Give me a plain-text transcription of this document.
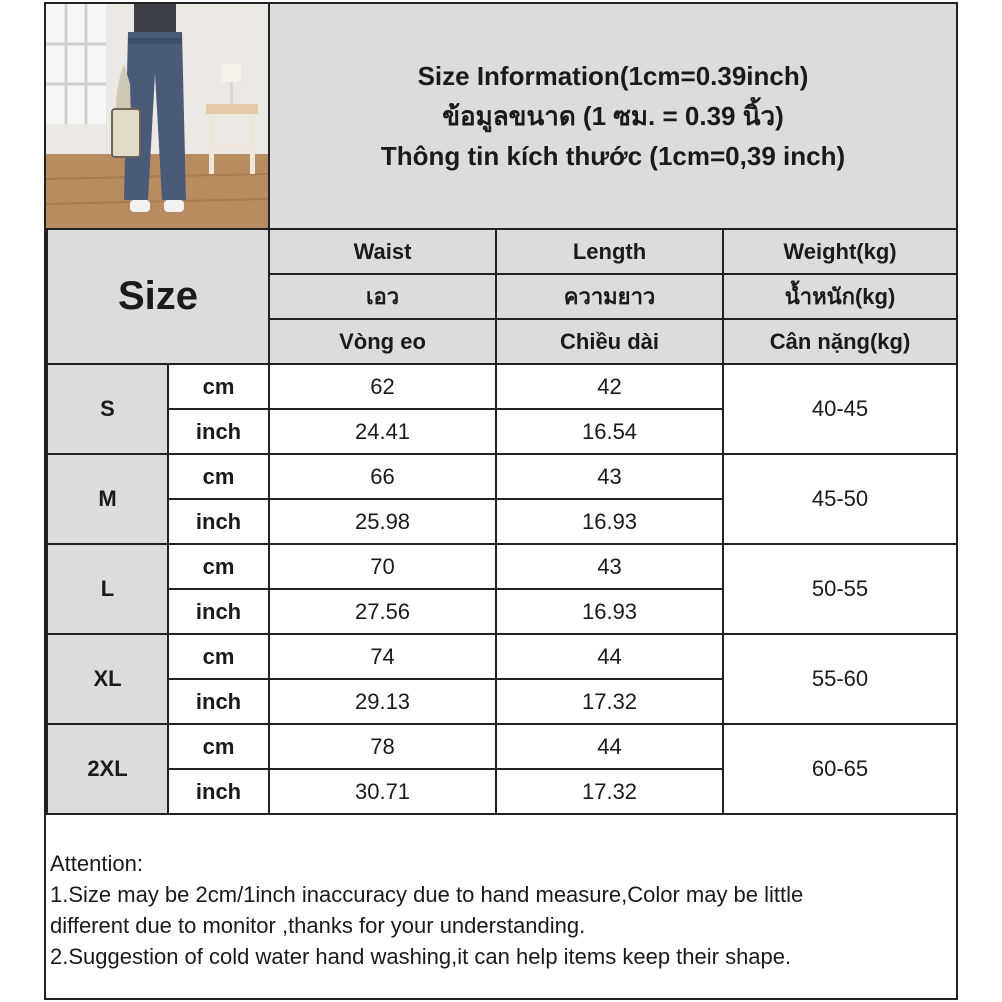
Size Information(1cm=0.39inch)
ข้อมูลขนาด (1 ซม. = 0.39 นิ้ว)
Thông tin kích thước (1cm=0,39 inch)
Size		Waist	Length	Weight(kg)
		เอว	ความยาว	น้ำหนัก(kg)
		Vòng eo	Chiều dài	Cân nặng(kg)
S	cm	62	42	40-45
	inch	24.41	16.54	
M	cm	66	43	45-50
	inch	25.98	16.93	
L	cm	70	43	50-55
	inch	27.56	16.93	
XL	cm	74	44	55-60
	inch	29.13	17.32	
2XL	cm	78	44	60-65
	inch	30.71	17.32	
Attention:
1.Size may be 2cm/1inch inaccuracy due to hand measure,Color may be little
different due to monitor ,thanks for your understanding.
2.Suggestion of cold water hand washing,it can help items keep their shape.
